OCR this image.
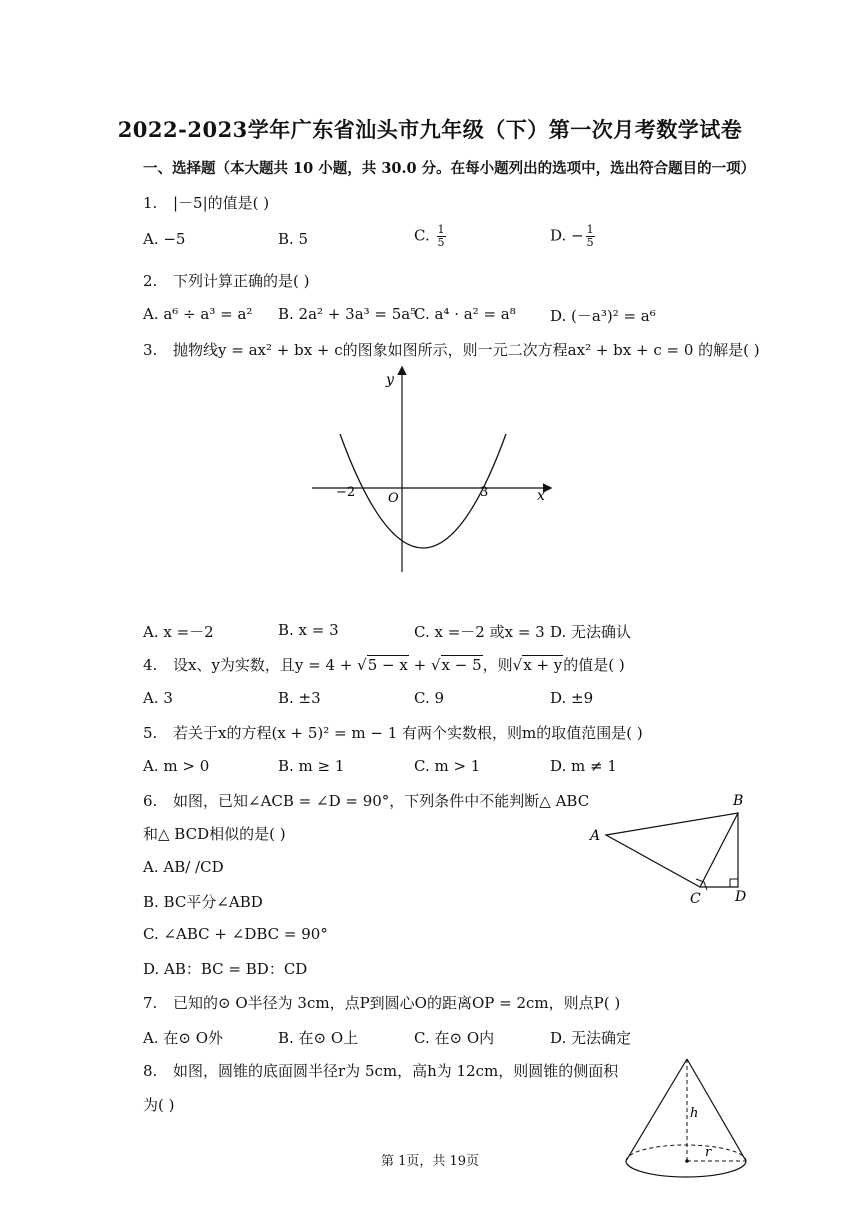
2022-2023学年广东省汕头市九年级（下）第一次月考数学试卷
一、选择题（本大题共 10 小题，共 30.0 分。在每小题列出的选项中，选出符合题目的一项）
1. |－5|的值是( )
A. −5	B. 5	C. $\frac{1}{5}$	D. − $\frac{1}{5}$
2. 下列计算正确的是( )
A. a⁶ ÷ a³ = a² B. 2a² + 3a³ = 5a⁵
C. a⁴ · a² = a⁸ D. (－a³)² = a⁶
3. 抛物线y = ax² + bx + c的图象如图所示，则一元二次方程ax² + bx + c = 0 的解是( )
x
y
O
−2	3
A. x =－2	B. x = 3	C. x =－2 或x = 3 D. 无法确认
4. 设x、y为实数，且y = 4 + √5 − x + √x − 5，则√x + y的值是( )
A. 3	B. ±3	C. 9	D. ±9
5. 若关于x的方程(x + 5)² = m − 1 有两个实数根，则m的取值范围是( )
A. m > 0	B. m ≥ 1	C. m > 1	D. m ≠ 1
6. 如图，已知∠ACB = ∠D = 90°，下列条件中不能判断△ ABC
和△ BCD相似的是( )
A. AB/ /CD
B. BC平分∠ABD
C. ∠ABC + ∠DBC = 90°
D. AB：BC = BD：CD
A
B
C D
7. 已知的⊙ O半径为 3cm，点P到圆心O的距离OP = 2cm，则点P( )
A. 在⊙ O外	B. 在⊙ O上	C. 在⊙ O内	D. 无法确定
8. 如图，圆锥的底面圆半径r为 5cm，高h为 12cm，则圆锥的侧面积
为( )	h
r
第 1页，共 19页
